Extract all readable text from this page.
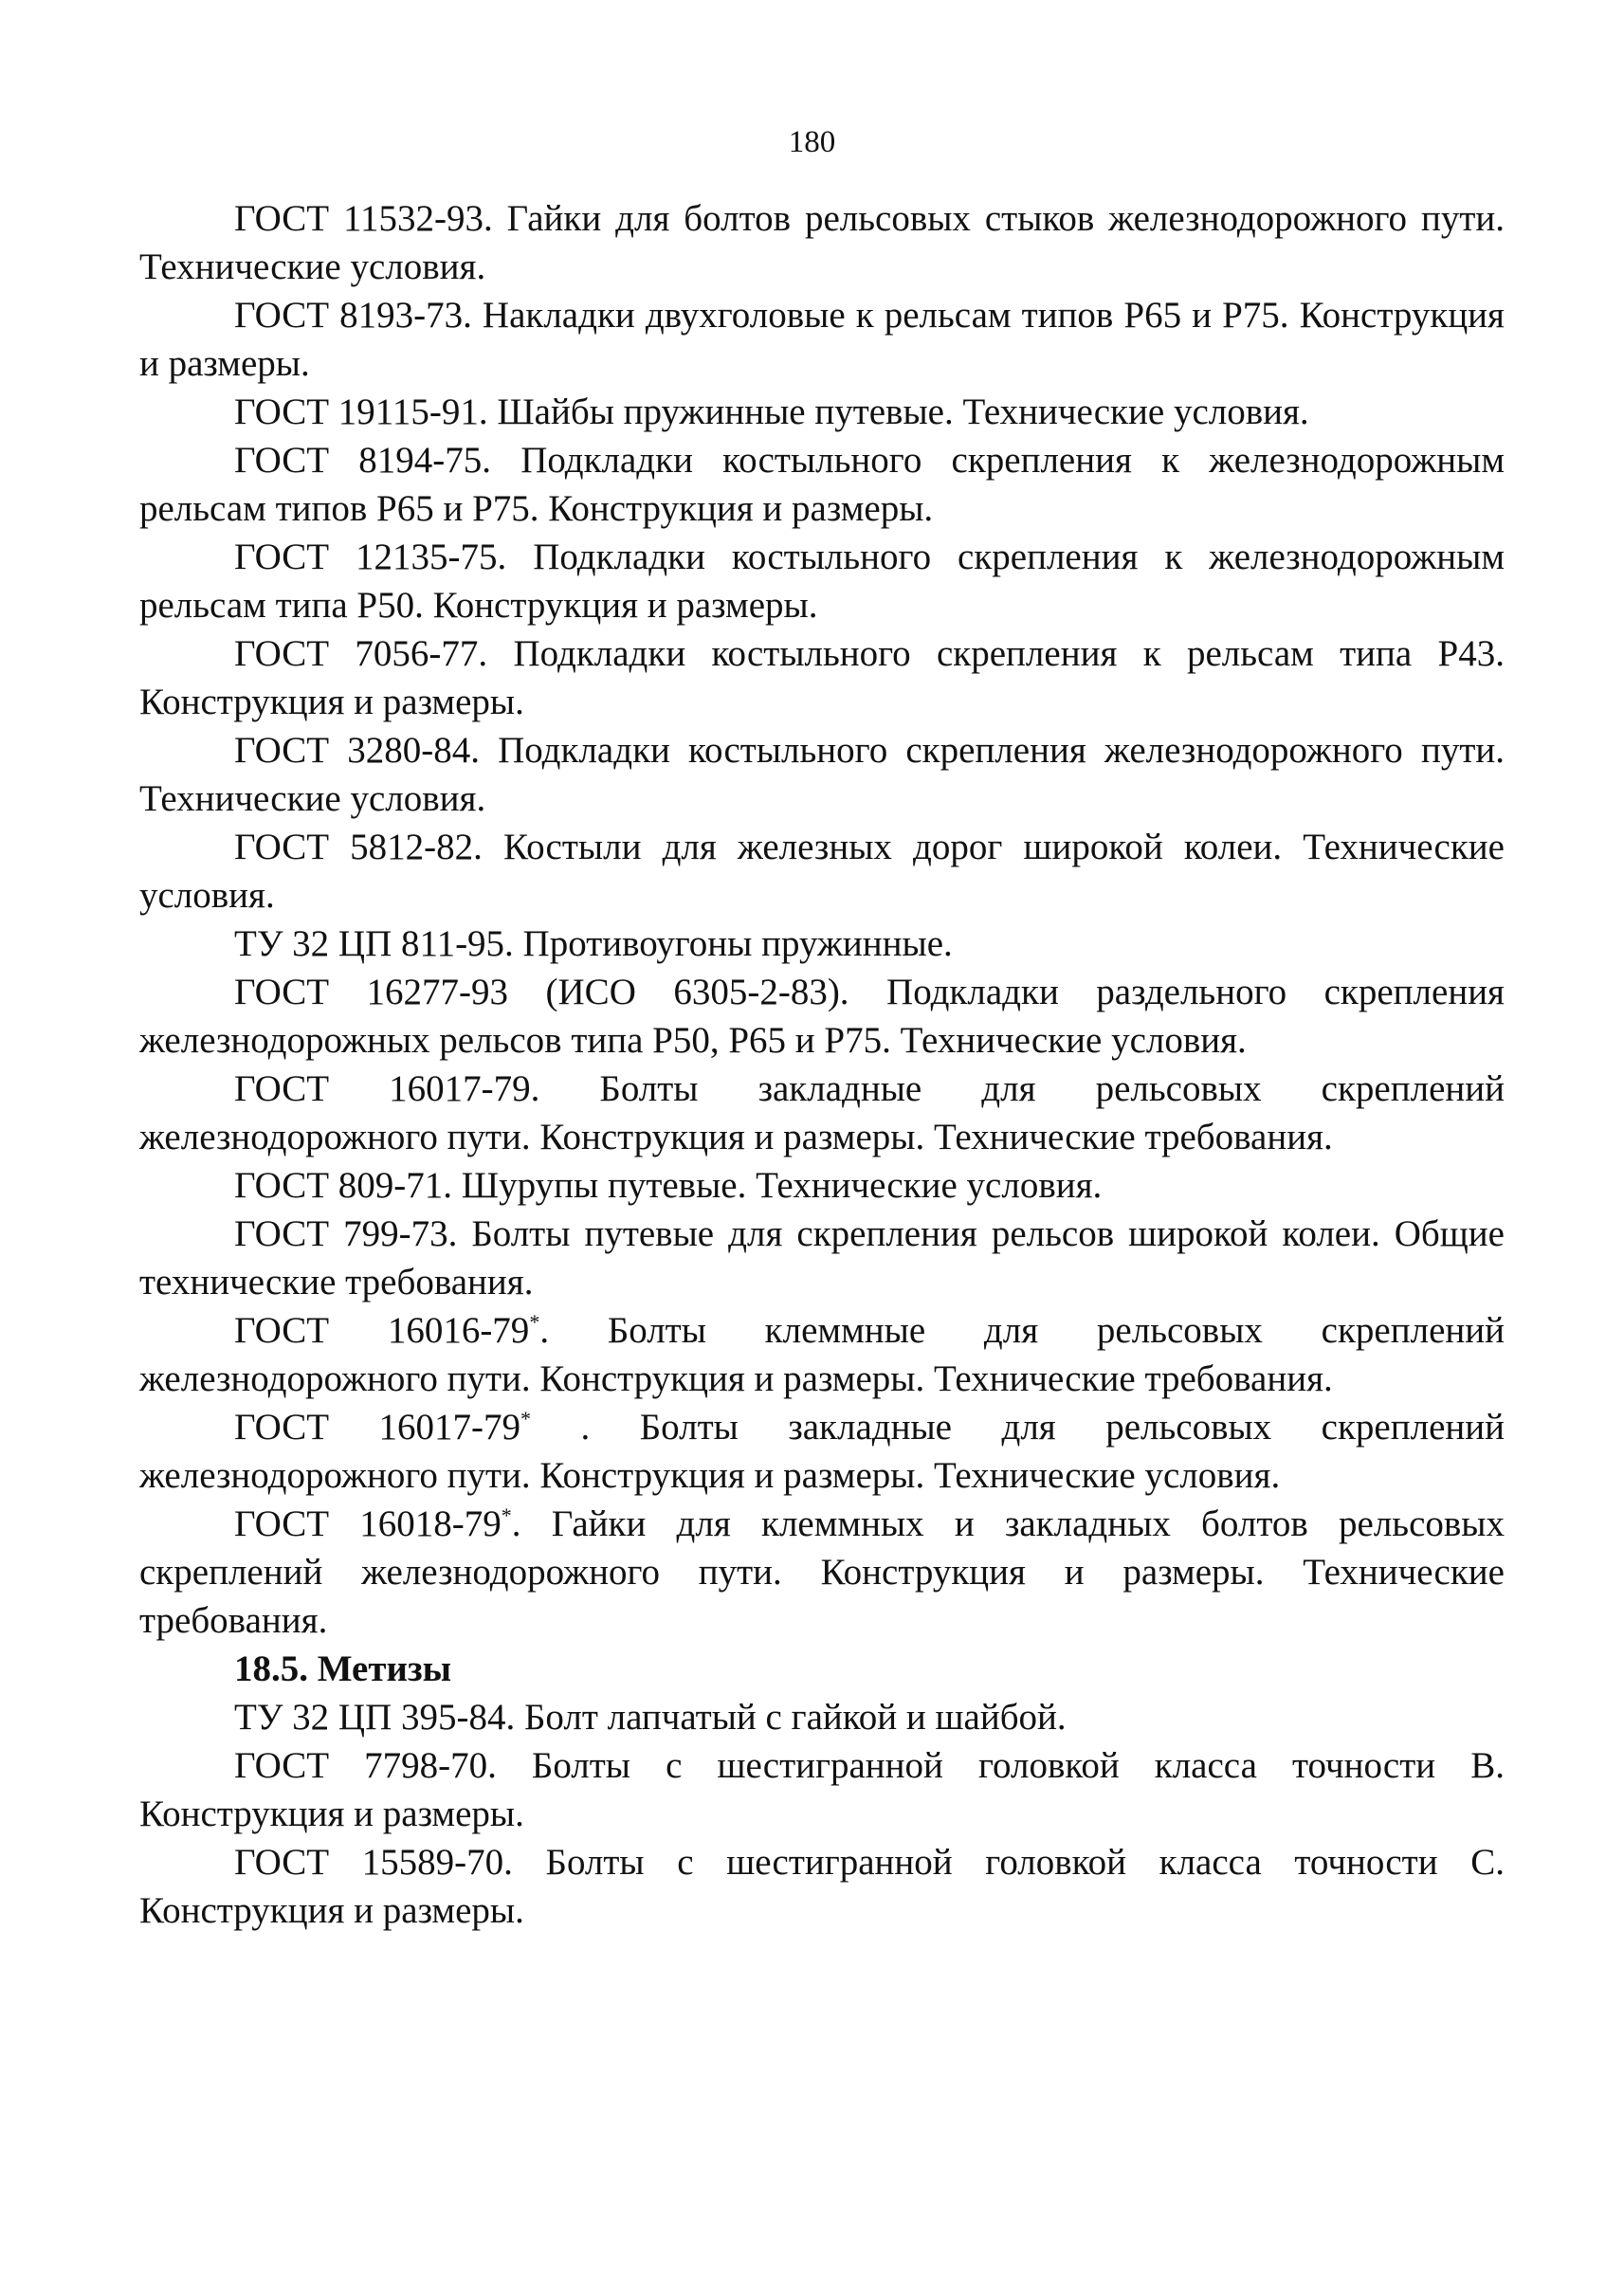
180

ГОСТ 11532-93. Гайки для болтов рельсовых стыков железнодорожного пути. Технические условия.

ГОСТ 8193-73. Накладки двухголовые к рельсам типов Р65 и Р75. Конструкция и размеры.

ГОСТ 19115-91. Шайбы пружинные путевые. Технические условия.

ГОСТ 8194-75. Подкладки костыльного скрепления к железнодорожным рельсам типов Р65 и Р75. Конструкция и размеры.

ГОСТ 12135-75. Подкладки костыльного скрепления к железнодорожным рельсам типа Р50. Конструкция и размеры.

ГОСТ 7056-77. Подкладки костыльного скрепления к рельсам типа Р43. Конструкция и размеры.

ГОСТ 3280-84. Подкладки костыльного скрепления железнодорожного пути. Технические условия.

ГОСТ 5812-82. Костыли для железных дорог широкой колеи. Технические условия.

ТУ 32 ЦП 811-95. Противоугоны пружинные.

ГОСТ 16277-93 (ИСО 6305-2-83). Подкладки раздельного скрепления железнодорожных рельсов типа Р50, Р65 и Р75. Технические условия.

ГОСТ 16017-79. Болты закладные для рельсовых скреплений железнодорожного пути. Конструкция и размеры. Технические требования.

ГОСТ 809-71. Шурупы путевые. Технические условия.

ГОСТ 799-73. Болты путевые для скрепления рельсов широкой колеи. Общие технические требования.

ГОСТ 16016-79*. Болты клеммные для рельсовых скреплений железнодорожного пути. Конструкция и размеры. Технические требования.

ГОСТ 16017-79* . Болты закладные для рельсовых скреплений железнодорожного пути. Конструкция и размеры. Технические условия.

ГОСТ 16018-79*. Гайки для клеммных и закладных болтов рельсовых скреплений железнодорожного пути. Конструкция и размеры. Технические требования.

18.5. Метизы

ТУ 32 ЦП 395-84. Болт лапчатый с гайкой и шайбой.

ГОСТ 7798-70. Болты с шестигранной головкой класса точности В. Конструкция и размеры.

ГОСТ 15589-70. Болты с шестигранной головкой класса точности С. Конструкция и размеры.
